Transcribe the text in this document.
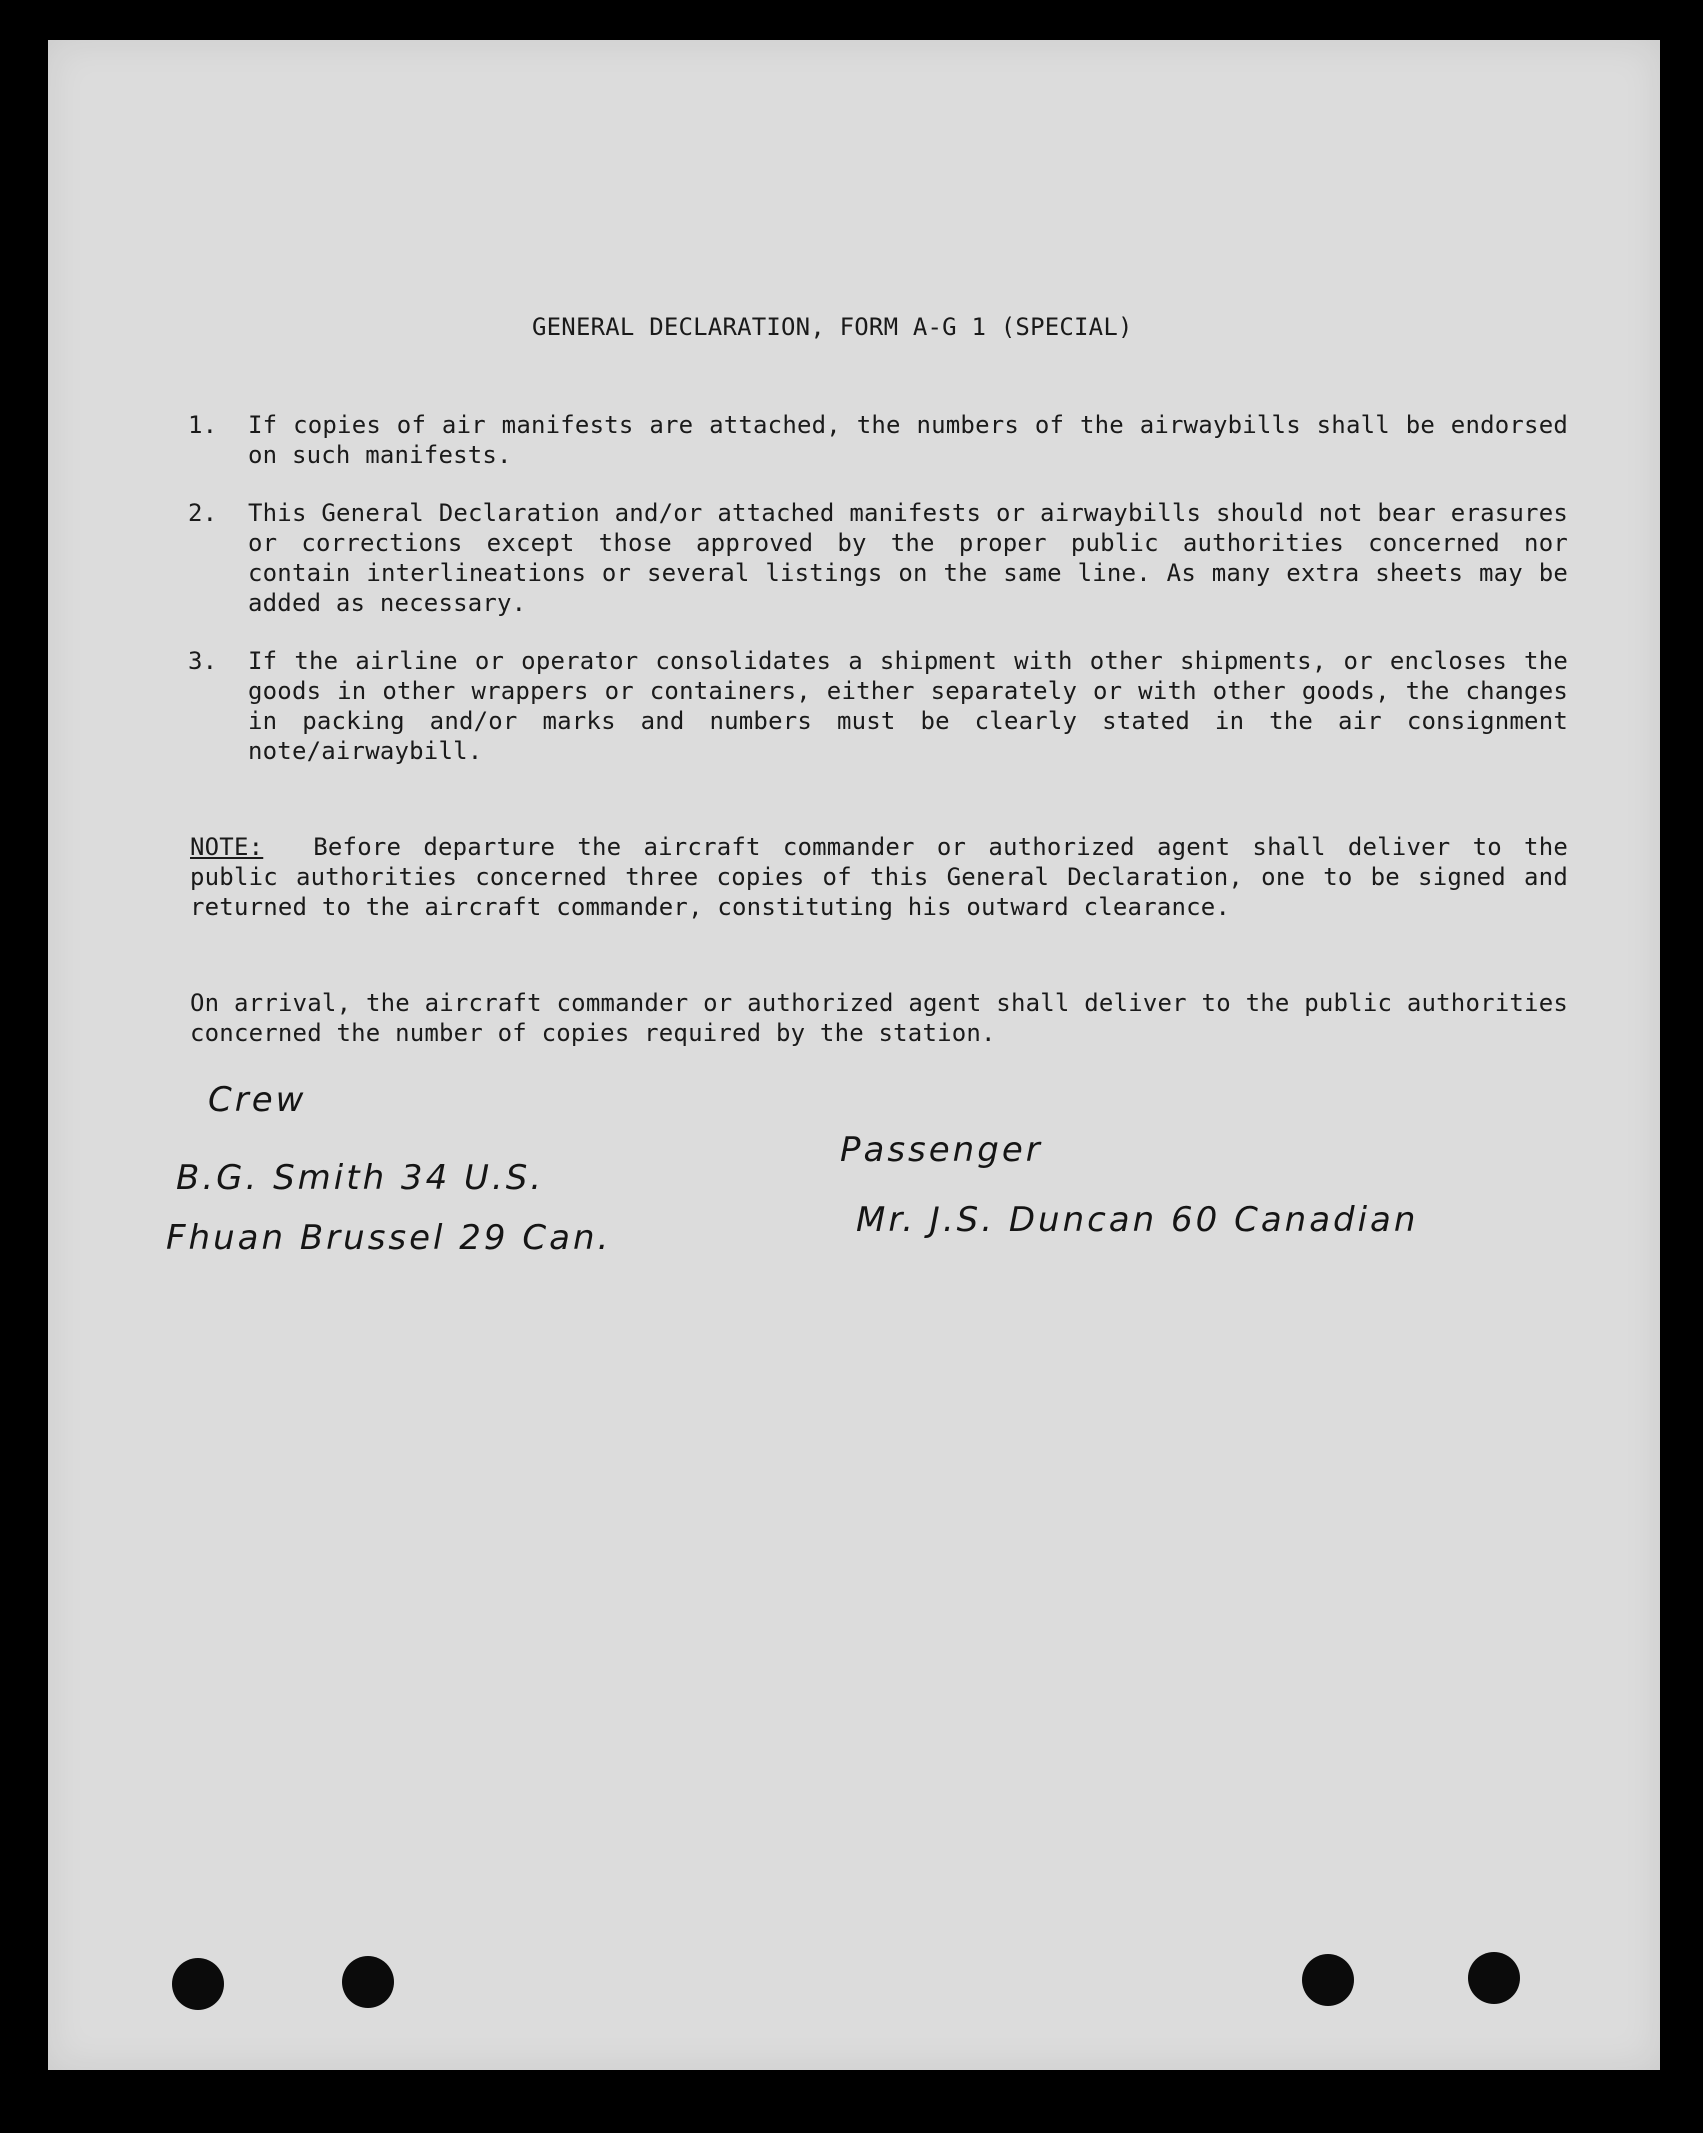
GENERAL DECLARATION, FORM A-G 1 (SPECIAL)
1.	If copies of air manifests are attached, the numbers of the airwaybills shall be endorsed on such manifests.
2.	This General Declaration and/or attached manifests or airwaybills should not bear erasures or corrections except those approved by the proper public authorities concerned nor contain interlineations or several listings on the same line. As many extra sheets may be added as necessary.
3.	If the airline or operator consolidates a shipment with other shipments, or encloses the goods in other wrappers or containers, either separately or with other goods, the changes in packing and/or marks and numbers must be clearly stated in the air consignment note/airwaybill.
NOTE: Before departure the aircraft commander or authorized agent shall deliver to the public authorities concerned three copies of this General Declaration, one to be signed and returned to the aircraft commander, constituting his outward clearance.
On arrival, the aircraft commander or authorized agent shall deliver to the public authorities concerned the number of copies required by the station.
Crew
B.G. Smith 34 U.S.
Fhuan Brussel 29 Can.
Passenger
Mr. J.S. Duncan 60 Canadian
